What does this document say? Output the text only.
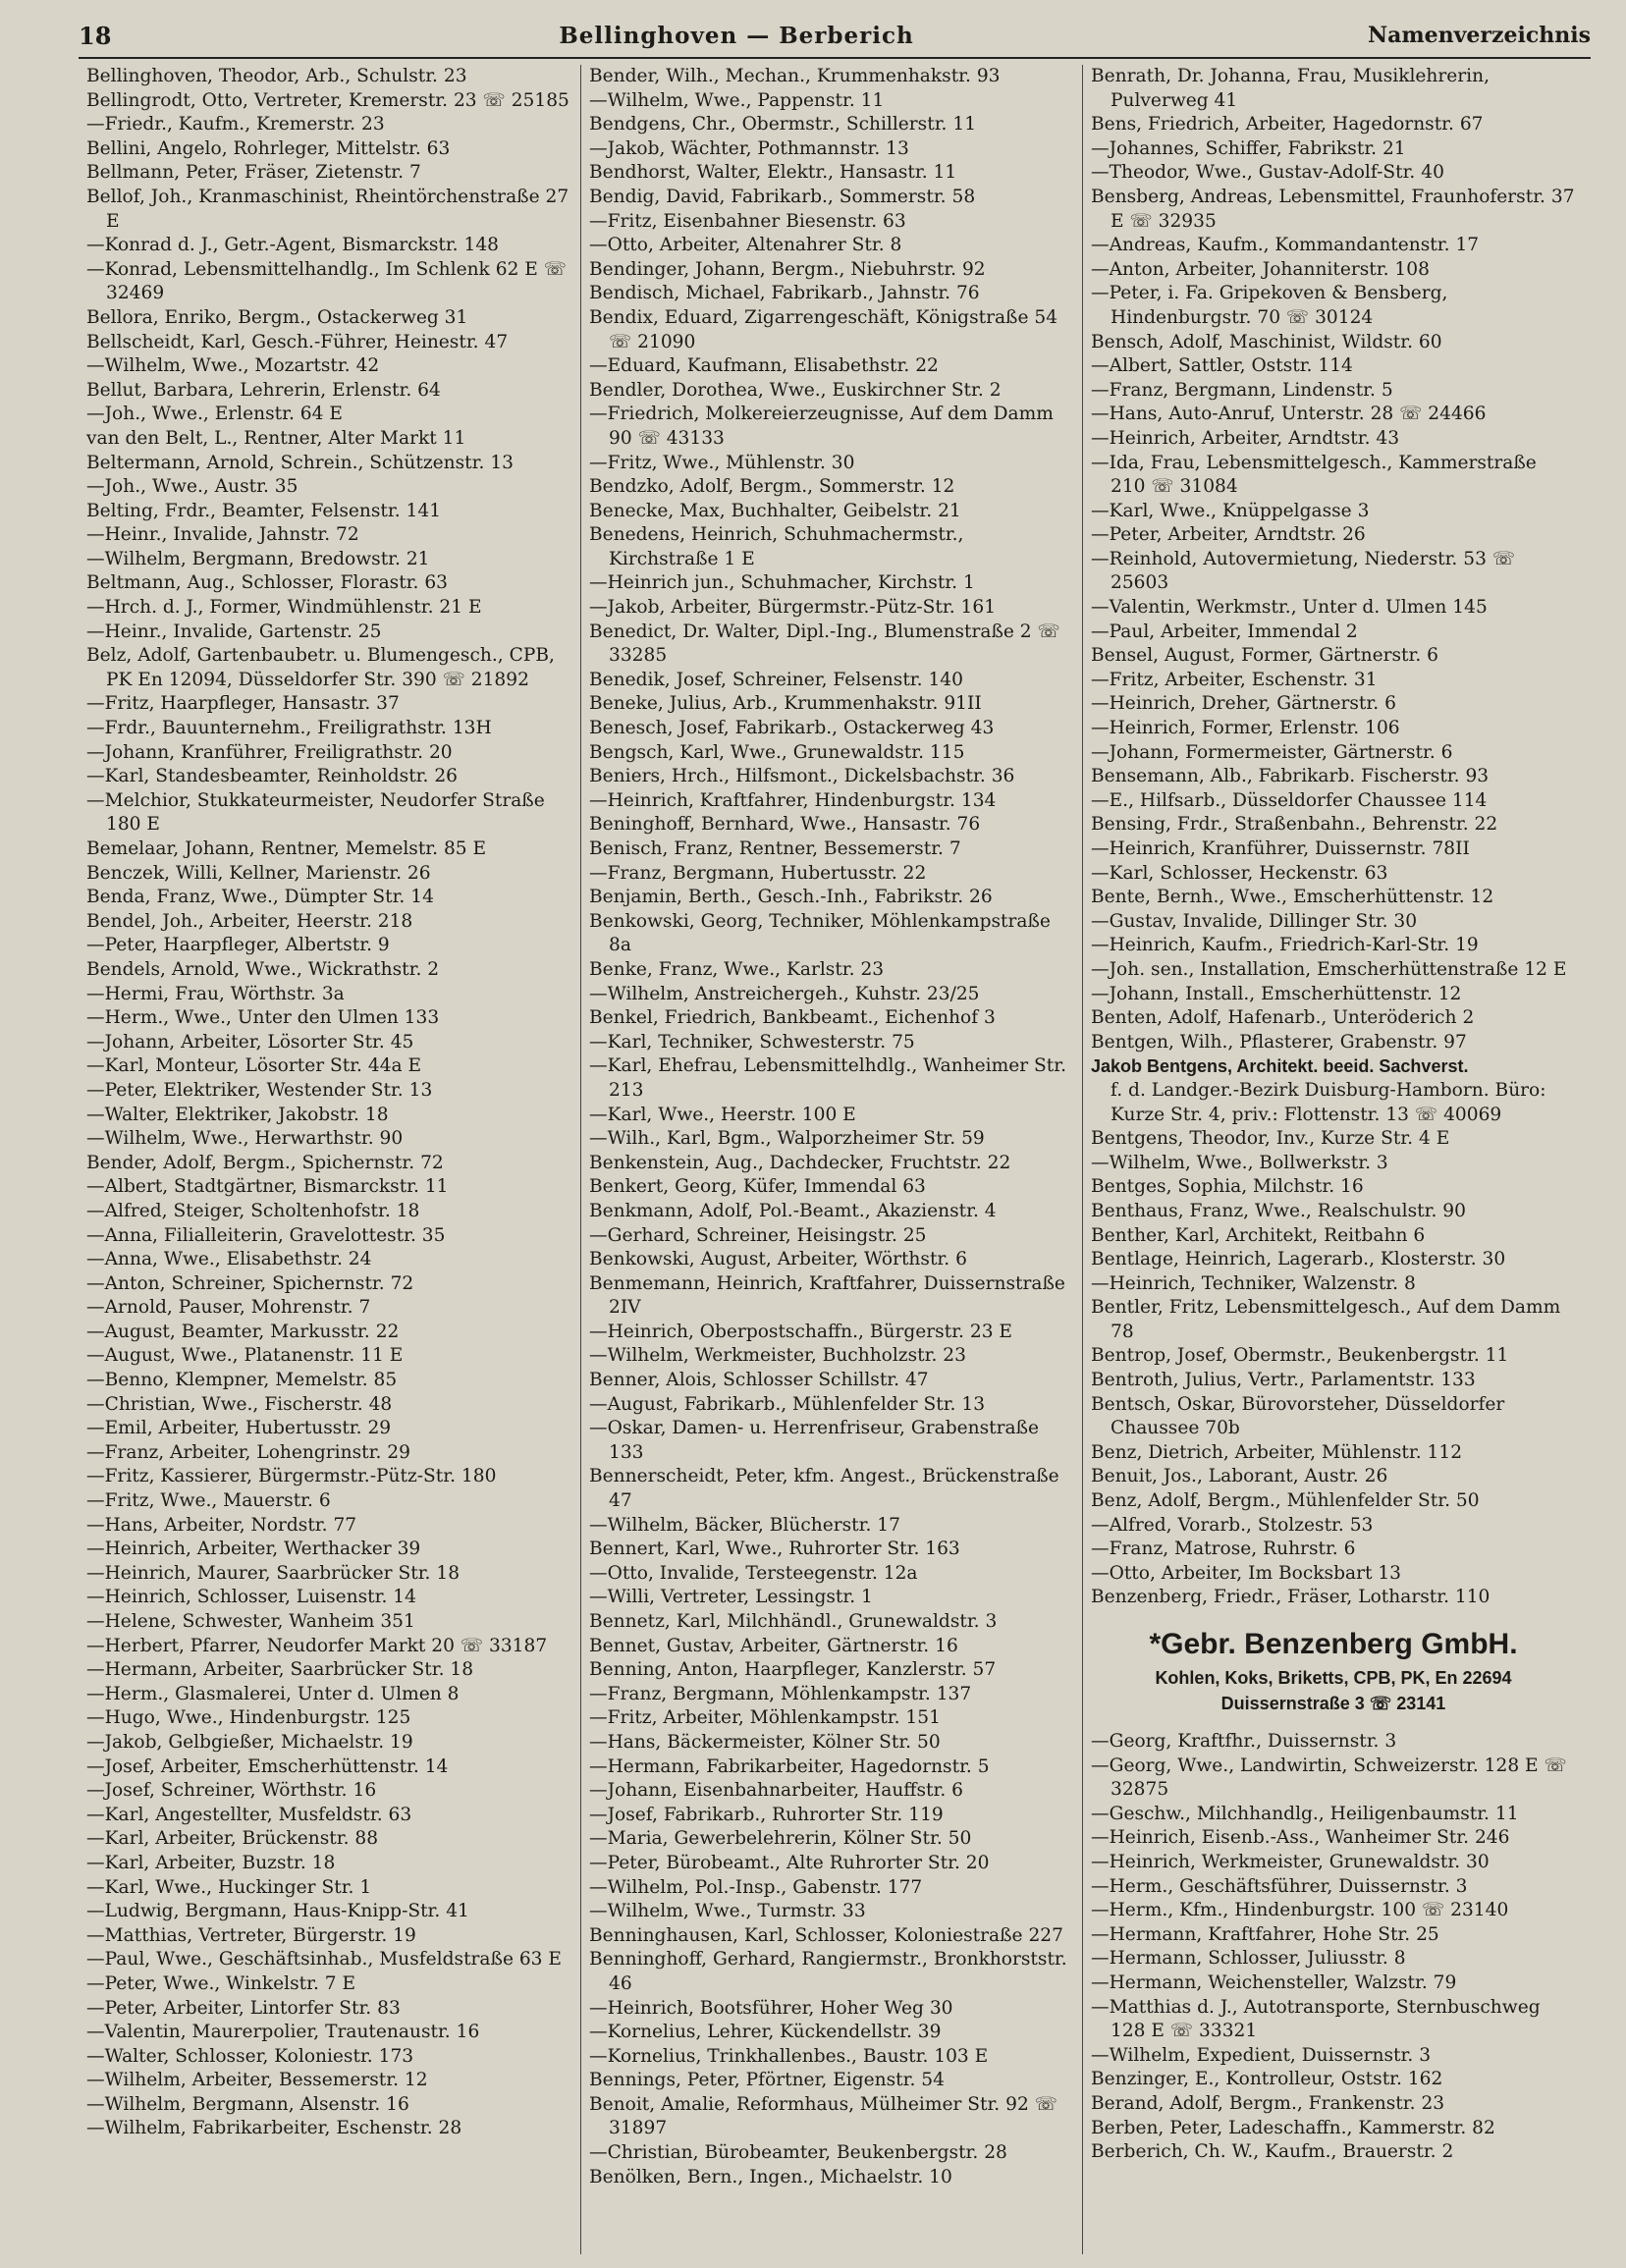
18	Bellinghoven — Berberich	Namenverzeichnis
Bellinghoven, Theodor, Arb., Schulstr. 23
Bellingrodt, Otto, Vertreter, Kremerstr. 23 ☏ 25185
—Friedr., Kaufm., Kremerstr. 23
Bellini, Angelo, Rohrleger, Mittelstr. 63
Bellmann, Peter, Fräser, Zietenstr. 7
Bellof, Joh., Kranmaschinist, Rheintörchenstraße 27 E
—Konrad d. J., Getr.-Agent, Bismarckstr. 148
—Konrad, Lebensmittelhandlg., Im Schlenk 62 E ☏ 32469
Bellora, Enriko, Bergm., Ostackerweg 31
Bellscheidt, Karl, Gesch.-Führer, Heinestr. 47
—Wilhelm, Wwe., Mozartstr. 42
Bellut, Barbara, Lehrerin, Erlenstr. 64
—Joh., Wwe., Erlenstr. 64 E
van den Belt, L., Rentner, Alter Markt 11
Beltermann, Arnold, Schrein., Schützenstr. 13
—Joh., Wwe., Austr. 35
Belting, Frdr., Beamter, Felsenstr. 141
—Heinr., Invalide, Jahnstr. 72
—Wilhelm, Bergmann, Bredowstr. 21
Beltmann, Aug., Schlosser, Florastr. 63
—Hrch. d. J., Former, Windmühlenstr. 21 E
—Heinr., Invalide, Gartenstr. 25
Belz, Adolf, Gartenbaubetr. u. Blumengesch., CPB, PK En 12094, Düsseldorfer Str. 390 ☏ 21892
—Fritz, Haarpfleger, Hansastr. 37
—Frdr., Bauunternehm., Freiligrathstr. 13H
—Johann, Kranführer, Freiligrathstr. 20
—Karl, Standesbeamter, Reinholdstr. 26
—Melchior, Stukkateurmeister, Neudorfer Straße 180 E
Bemelaar, Johann, Rentner, Memelstr. 85 E
Benczek, Willi, Kellner, Marienstr. 26
Benda, Franz, Wwe., Dümpter Str. 14
Bendel, Joh., Arbeiter, Heerstr. 218
—Peter, Haarpfleger, Albertstr. 9
Bendels, Arnold, Wwe., Wickrathstr. 2
—Hermi, Frau, Wörthstr. 3a
—Herm., Wwe., Unter den Ulmen 133
—Johann, Arbeiter, Lösorter Str. 45
—Karl, Monteur, Lösorter Str. 44a E
—Peter, Elektriker, Westender Str. 13
—Walter, Elektriker, Jakobstr. 18
—Wilhelm, Wwe., Herwarthstr. 90
Bender, Adolf, Bergm., Spichernstr. 72
—Albert, Stadtgärtner, Bismarckstr. 11
—Alfred, Steiger, Scholtenhofstr. 18
—Anna, Filialleiterin, Gravelottestr. 35
—Anna, Wwe., Elisabethstr. 24
—Anton, Schreiner, Spichernstr. 72
—Arnold, Pauser, Mohrenstr. 7
—August, Beamter, Markusstr. 22
—August, Wwe., Platanenstr. 11 E
—Benno, Klempner, Memelstr. 85
—Christian, Wwe., Fischerstr. 48
—Emil, Arbeiter, Hubertusstr. 29
—Franz, Arbeiter, Lohengrinstr. 29
—Fritz, Kassierer, Bürgermstr.-Pütz-Str. 180
—Fritz, Wwe., Mauerstr. 6
—Hans, Arbeiter, Nordstr. 77
—Heinrich, Arbeiter, Werthacker 39
—Heinrich, Maurer, Saarbrücker Str. 18
—Heinrich, Schlosser, Luisenstr. 14
—Helene, Schwester, Wanheim 351
—Herbert, Pfarrer, Neudorfer Markt 20 ☏ 33187
—Hermann, Arbeiter, Saarbrücker Str. 18
—Herm., Glasmalerei, Unter d. Ulmen 8
—Hugo, Wwe., Hindenburgstr. 125
—Jakob, Gelbgießer, Michaelstr. 19
—Josef, Arbeiter, Emscherhüttenstr. 14
—Josef, Schreiner, Wörthstr. 16
—Karl, Angestellter, Musfeldstr. 63
—Karl, Arbeiter, Brückenstr. 88
—Karl, Arbeiter, Buzstr. 18
—Karl, Wwe., Huckinger Str. 1
—Ludwig, Bergmann, Haus-Knipp-Str. 41
—Matthias, Vertreter, Bürgerstr. 19
—Paul, Wwe., Geschäftsinhab., Musfeldstraße 63 E
—Peter, Wwe., Winkelstr. 7 E
—Peter, Arbeiter, Lintorfer Str. 83
—Valentin, Maurerpolier, Trautenaustr. 16
—Walter, Schlosser, Koloniestr. 173
—Wilhelm, Arbeiter, Bessemerstr. 12
—Wilhelm, Bergmann, Alsenstr. 16
—Wilhelm, Fabrikarbeiter, Eschenstr. 28
Bender, Wilh., Mechan., Krummenhakstr. 93
—Wilhelm, Wwe., Pappenstr. 11
Bendgens, Chr., Obermstr., Schillerstr. 11
—Jakob, Wächter, Pothmannstr. 13
Bendhorst, Walter, Elektr., Hansastr. 11
Bendig, David, Fabrikarb., Sommerstr. 58
—Fritz, Eisenbahner Biesenstr. 63
—Otto, Arbeiter, Altenahrer Str. 8
Bendinger, Johann, Bergm., Niebuhrstr. 92
Bendisch, Michael, Fabrikarb., Jahnstr. 76
Bendix, Eduard, Zigarrengeschäft, Königstraße 54 ☏ 21090
—Eduard, Kaufmann, Elisabethstr. 22
Bendler, Dorothea, Wwe., Euskirchner Str. 2
—Friedrich, Molkereierzeugnisse, Auf dem Damm 90 ☏ 43133
—Fritz, Wwe., Mühlenstr. 30
Bendzko, Adolf, Bergm., Sommerstr. 12
Benecke, Max, Buchhalter, Geibelstr. 21
Benedens, Heinrich, Schuhmachermstr., Kirchstraße 1 E
—Heinrich jun., Schuhmacher, Kirchstr. 1
—Jakob, Arbeiter, Bürgermstr.-Pütz-Str. 161
Benedict, Dr. Walter, Dipl.-Ing., Blumenstraße 2 ☏ 33285
Benedik, Josef, Schreiner, Felsenstr. 140
Beneke, Julius, Arb., Krummenhakstr. 91II
Benesch, Josef, Fabrikarb., Ostackerweg 43
Bengsch, Karl, Wwe., Grunewaldstr. 115
Beniers, Hrch., Hilfsmont., Dickelsbachstr. 36
—Heinrich, Kraftfahrer, Hindenburgstr. 134
Beninghoff, Bernhard, Wwe., Hansastr. 76
Benisch, Franz, Rentner, Bessemerstr. 7
—Franz, Bergmann, Hubertusstr. 22
Benjamin, Berth., Gesch.-Inh., Fabrikstr. 26
Benkowski, Georg, Techniker, Möhlenkampstraße 8a
Benke, Franz, Wwe., Karlstr. 23
—Wilhelm, Anstreichergeh., Kuhstr. 23/25
Benkel, Friedrich, Bankbeamt., Eichenhof 3
—Karl, Techniker, Schwesterstr. 75
—Karl, Ehefrau, Lebensmittelhdlg., Wanheimer Str. 213
—Karl, Wwe., Heerstr. 100 E
—Wilh., Karl, Bgm., Walporzheimer Str. 59
Benkenstein, Aug., Dachdecker, Fruchtstr. 22
Benkert, Georg, Küfer, Immendal 63
Benkmann, Adolf, Pol.-Beamt., Akazienstr. 4
—Gerhard, Schreiner, Heisingstr. 25
Benkowski, August, Arbeiter, Wörthstr. 6
Benmemann, Heinrich, Kraftfahrer, Duissernstraße 2IV
—Heinrich, Oberpostschaffn., Bürgerstr. 23 E
—Wilhelm, Werkmeister, Buchholzstr. 23
Benner, Alois, Schlosser Schillstr. 47
—August, Fabrikarb., Mühlenfelder Str. 13
—Oskar, Damen- u. Herrenfriseur, Grabenstraße 133
Bennerscheidt, Peter, kfm. Angest., Brückenstraße 47
—Wilhelm, Bäcker, Blücherstr. 17
Bennert, Karl, Wwe., Ruhrorter Str. 163
—Otto, Invalide, Tersteegenstr. 12a
—Willi, Vertreter, Lessingstr. 1
Bennetz, Karl, Milchhändl., Grunewaldstr. 3
Bennet, Gustav, Arbeiter, Gärtnerstr. 16
Benning, Anton, Haarpfleger, Kanzlerstr. 57
—Franz, Bergmann, Möhlenkampstr. 137
—Fritz, Arbeiter, Möhlenkampstr. 151
—Hans, Bäckermeister, Kölner Str. 50
—Hermann, Fabrikarbeiter, Hagedornstr. 5
—Johann, Eisenbahnarbeiter, Hauffstr. 6
—Josef, Fabrikarb., Ruhrorter Str. 119
—Maria, Gewerbelehrerin, Kölner Str. 50
—Peter, Bürobeamt., Alte Ruhrorter Str. 20
—Wilhelm, Pol.-Insp., Gabenstr. 177
—Wilhelm, Wwe., Turmstr. 33
Benninghausen, Karl, Schlosser, Koloniestraße 227
Benninghoff, Gerhard, Rangiermstr., Bronkhorststr. 46
—Heinrich, Bootsführer, Hoher Weg 30
—Kornelius, Lehrer, Kückendellstr. 39
—Kornelius, Trinkhallenbes., Baustr. 103 E
Bennings, Peter, Pförtner, Eigenstr. 54
Benoit, Amalie, Reformhaus, Mülheimer Str. 92 ☏ 31897
—Christian, Bürobeamter, Beukenbergstr. 28
Benölken, Bern., Ingen., Michaelstr. 10
Benrath, Dr. Johanna, Frau, Musiklehrerin, Pulverweg 41
Bens, Friedrich, Arbeiter, Hagedornstr. 67
—Johannes, Schiffer, Fabrikstr. 21
—Theodor, Wwe., Gustav-Adolf-Str. 40
Bensberg, Andreas, Lebensmittel, Fraunhoferstr. 37 E ☏ 32935
—Andreas, Kaufm., Kommandantenstr. 17
—Anton, Arbeiter, Johanniterstr. 108
—Peter, i. Fa. Gripekoven & Bensberg, Hindenburgstr. 70 ☏ 30124
Bensch, Adolf, Maschinist, Wildstr. 60
—Albert, Sattler, Oststr. 114
—Franz, Bergmann, Lindenstr. 5
—Hans, Auto-Anruf, Unterstr. 28 ☏ 24466
—Heinrich, Arbeiter, Arndtstr. 43
—Ida, Frau, Lebensmittelgesch., Kammerstraße 210 ☏ 31084
—Karl, Wwe., Knüppelgasse 3
—Peter, Arbeiter, Arndtstr. 26
—Reinhold, Autovermietung, Niederstr. 53 ☏ 25603
—Valentin, Werkmstr., Unter d. Ulmen 145
—Paul, Arbeiter, Immendal 2
Bensel, August, Former, Gärtnerstr. 6
—Fritz, Arbeiter, Eschenstr. 31
—Heinrich, Dreher, Gärtnerstr. 6
—Heinrich, Former, Erlenstr. 106
—Johann, Formermeister, Gärtnerstr. 6
Bensemann, Alb., Fabrikarb. Fischerstr. 93
—E., Hilfsarb., Düsseldorfer Chaussee 114
Bensing, Frdr., Straßenbahn., Behrenstr. 22
—Heinrich, Kranführer, Duissernstr. 78II
—Karl, Schlosser, Heckenstr. 63
Bente, Bernh., Wwe., Emscherhüttenstr. 12
—Gustav, Invalide, Dillinger Str. 30
—Heinrich, Kaufm., Friedrich-Karl-Str. 19
—Joh. sen., Installation, Emscherhüttenstraße 12 E
—Johann, Install., Emscherhüttenstr. 12
Benten, Adolf, Hafenarb., Unteröderich 2
Bentgen, Wilh., Pflasterer, Grabenstr. 97
Jakob Bentgens, Architekt. beeid. Sachverst.
f. d. Landger.-Bezirk Duisburg-Hamborn. Büro: Kurze Str. 4, priv.: Flottenstr. 13 ☏ 40069
Bentgens, Theodor, Inv., Kurze Str. 4 E
—Wilhelm, Wwe., Bollwerkstr. 3
Bentges, Sophia, Milchstr. 16
Benthaus, Franz, Wwe., Realschulstr. 90
Benther, Karl, Architekt, Reitbahn 6
Bentlage, Heinrich, Lagerarb., Klosterstr. 30
—Heinrich, Techniker, Walzenstr. 8
Bentler, Fritz, Lebensmittelgesch., Auf dem Damm 78
Bentrop, Josef, Obermstr., Beukenbergstr. 11
Bentroth, Julius, Vertr., Parlamentstr. 133
Bentsch, Oskar, Bürovorsteher, Düsseldorfer Chaussee 70b
Benz, Dietrich, Arbeiter, Mühlenstr. 112
Benuit, Jos., Laborant, Austr. 26
Benz, Adolf, Bergm., Mühlenfelder Str. 50
—Alfred, Vorarb., Stolzestr. 53
—Franz, Matrose, Ruhrstr. 6
—Otto, Arbeiter, Im Bocksbart 13
Benzenberg, Friedr., Fräser, Lotharstr. 110
*Gebr. Benzenberg GmbH.
Kohlen, Koks, Briketts, CPB, PK, En 22694
Duissernstraße 3 ☏ 23141
—Georg, Kraftfhr., Duissernstr. 3
—Georg, Wwe., Landwirtin, Schweizerstr. 128 E ☏ 32875
—Geschw., Milchhandlg., Heiligenbaumstr. 11
—Heinrich, Eisenb.-Ass., Wanheimer Str. 246
—Heinrich, Werkmeister, Grunewaldstr. 30
—Herm., Geschäftsführer, Duissernstr. 3
—Herm., Kfm., Hindenburgstr. 100 ☏ 23140
—Hermann, Kraftfahrer, Hohe Str. 25
—Hermann, Schlosser, Juliusstr. 8
—Hermann, Weichensteller, Walzstr. 79
—Matthias d. J., Autotransporte, Sternbuschweg 128 E ☏ 33321
—Wilhelm, Expedient, Duissernstr. 3
Benzinger, E., Kontrolleur, Oststr. 162
Berand, Adolf, Bergm., Frankenstr. 23
Berben, Peter, Ladeschaffn., Kammerstr. 82
Berberich, Ch. W., Kaufm., Brauerstr. 2
